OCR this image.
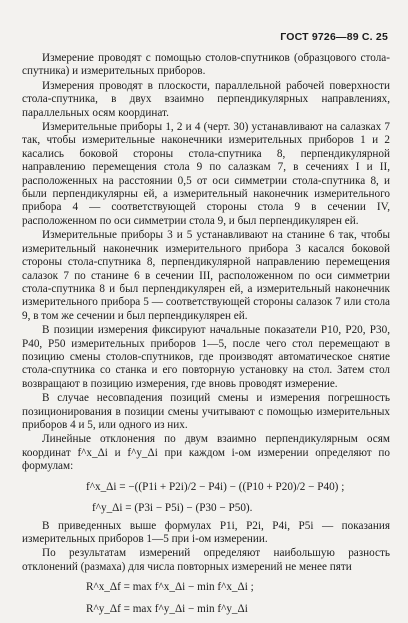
ГОСТ 9726—89 С. 25

Измерение проводят с помощью столов-спутников (образцового стола-спутника) и измерительных приборов.

Измерения проводят в плоскости, параллельной рабочей поверхности стола-спутника, в двух взаимно перпендикулярных направлениях, параллельных осям координат.

Измерительные приборы 1, 2 и 4 (черт. 30) устанавливают на салазках 7 так, чтобы измерительные наконечники измерительных приборов 1 и 2 касались боковой стороны стола-спутника 8, перпендикулярной направлению перемещения стола 9 по салазкам 7, в сечениях I и II, расположенных на расстоянии 0,5 от оси симметрии стола-спутника 8, и были перпендикулярны ей, а измерительный наконечник измерительного прибора 4 — соответствующей стороны стола 9 в сечении IV, расположенном по оси симметрии стола 9, и был перпендикулярен ей.

Измерительные приборы 3 и 5 устанавливают на станине 6 так, чтобы измерительный наконечник измерительного прибора 3 касался боковой стороны стола-спутника 8, перпендикулярной направлению перемещения салазок 7 по станине 6 в сечении III, расположенном по оси симметрии стола-спутника 8 и был перпендикулярен ей, а измерительный наконечник измерительного прибора 5 — соответствующей стороны салазок 7 или стола 9, в том же сечении и был перпендикулярен ей.

В позиции измерения фиксируют начальные показатели P10, P20, P30, P40, P50 измерительных приборов 1—5, после чего стол перемещают в позицию смены столов-спутников, где производят автоматическое снятие стола-спутника со станка и его повторную установку на стол. Затем стол возвращают в позицию измерения, где вновь проводят измерение.

В случае несовпадения позиций смены и измерения погрешность позиционирования в позиции смены учитывают с помощью измерительных приборов 4 и 5, или одного из них.

Линейные отклонения по двум взаимно перпендикулярным осям координат f^x_Δi и f^y_Δi при каждом i-ом измерении определяют по формулам:

f^x_Δi = −((P1i + P2i)/2 − P4i) − ((P10 + P20)/2 − P40) ;
f^y_Δi = (P3i − P5i) − (P30 − P50).

В приведенных выше формулах P1i, P2i, P4i, P5i — показания измерительных приборов 1—5 при i-ом измерении.

По результатам измерений определяют наибольшую разность отклонений (размаха) для числа повторных измерений не менее пяти

R^x_Δf = max f^x_Δi − min f^x_Δi ;
R^y_Δf = max f^y_Δi − min f^y_Δi
